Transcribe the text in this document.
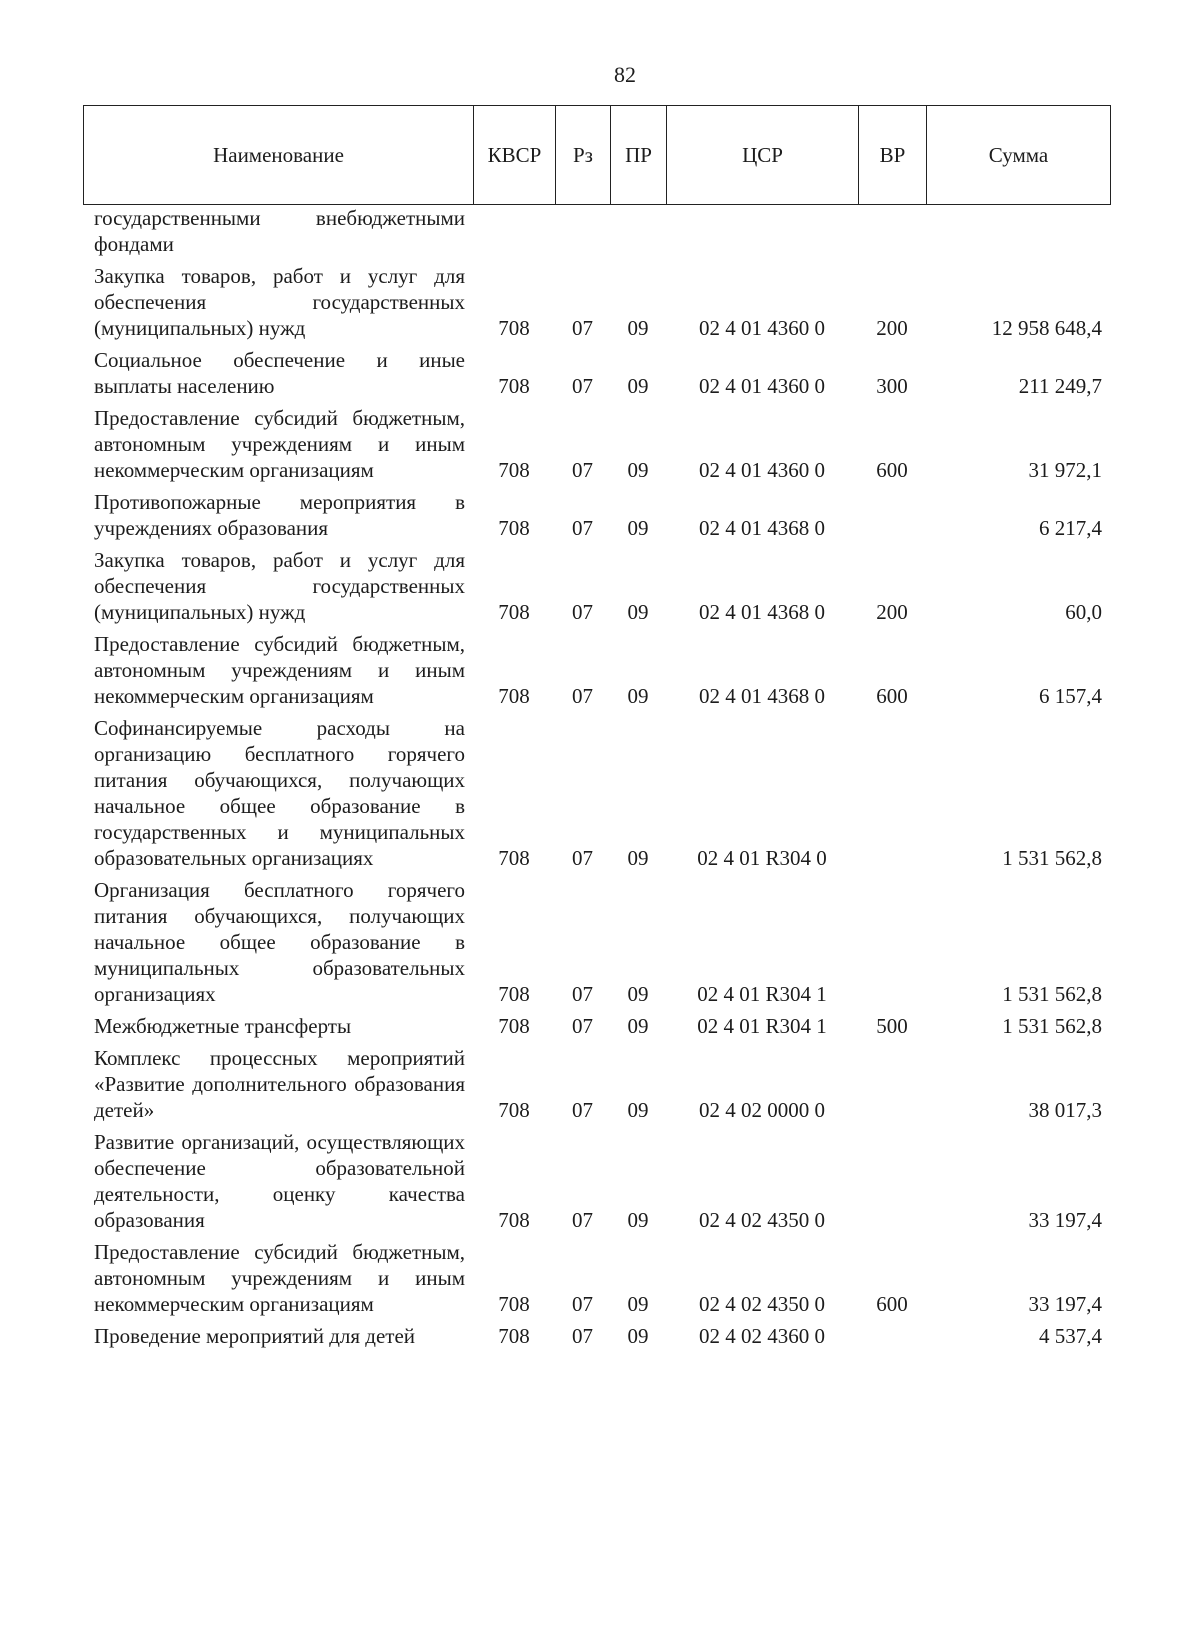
82
Наименование	КВСР	Рз	ПР	ЦСР	ВР	Сумма
государственными внебюджетными фондами						
Закупка товаров, работ и услуг для обеспечения государственных (муниципальных) нужд	708	07	09	02 4 01 4360 0	200	12 958 648,4
Социальное обеспечение и иные выплаты населению	708	07	09	02 4 01 4360 0	300	211 249,7
Предоставление субсидий бюджетным, автономным учреждениям и иным некоммерческим организациям	708	07	09	02 4 01 4360 0	600	31 972,1
Противопожарные мероприятия в учреждениях образования	708	07	09	02 4 01 4368 0		6 217,4
Закупка товаров, работ и услуг для обеспечения государственных (муниципальных) нужд	708	07	09	02 4 01 4368 0	200	60,0
Предоставление субсидий бюджетным, автономным учреждениям и иным некоммерческим организациям	708	07	09	02 4 01 4368 0	600	6 157,4
Софинансируемые расходы на организацию бесплатного горячего питания обучающихся, получающих начальное общее образование в государственных и муниципальных образовательных организациях	708	07	09	02 4 01 R304 0		1 531 562,8
Организация бесплатного горячего питания обучающихся, получающих начальное общее образование в муниципальных образовательных организациях	708	07	09	02 4 01 R304 1		1 531 562,8
Межбюджетные трансферты	708	07	09	02 4 01 R304 1	500	1 531 562,8
Комплекс процессных мероприятий «Развитие дополнительного образования детей»	708	07	09	02 4 02 0000 0		38 017,3
Развитие организаций, осуществляющих обеспечение образовательной деятельности, оценку качества образования	708	07	09	02 4 02 4350 0		33 197,4
Предоставление субсидий бюджетным, автономным учреждениям и иным некоммерческим организациям	708	07	09	02 4 02 4350 0	600	33 197,4
Проведение мероприятий для детей	708	07	09	02 4 02 4360 0		4 537,4
